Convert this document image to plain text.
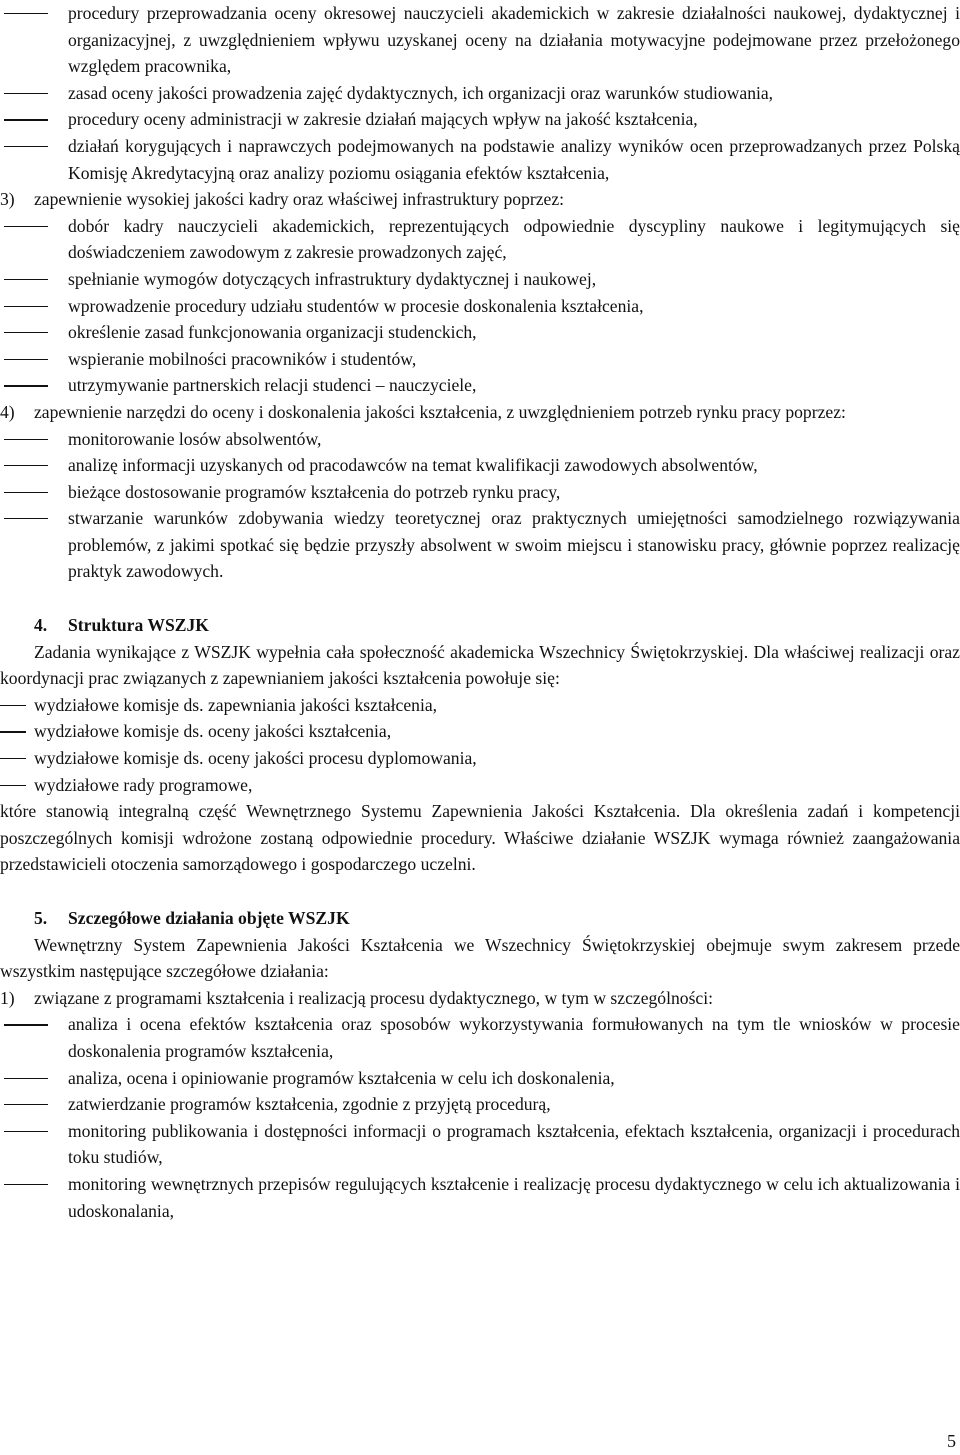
procedury przeprowadzania oceny okresowej nauczycieli akademickich w zakresie działalności naukowej, dydaktycznej i organizacyjnej, z uwzględnieniem wpływu uzyskanej oceny na działania motywacyjne podejmowane przez przełożonego względem pracownika,
zasad oceny jakości prowadzenia zajęć dydaktycznych, ich organizacji oraz warunków studiowania,
procedury oceny administracji w zakresie działań mających wpływ na jakość kształcenia,
działań korygujących i naprawczych podejmowanych na podstawie analizy wyników ocen przeprowadzanych przez Polską Komisję Akredytacyjną oraz analizy poziomu osiągania efektów kształcenia,
3) zapewnienie wysokiej jakości kadry oraz właściwej infrastruktury poprzez:
dobór kadry nauczycieli akademickich, reprezentujących odpowiednie dyscypliny naukowe i legitymujących się doświadczeniem zawodowym z zakresie prowadzonych zajęć,
spełnianie wymogów dotyczących infrastruktury dydaktycznej i naukowej,
wprowadzenie procedury udziału studentów w procesie doskonalenia kształcenia,
określenie zasad funkcjonowania organizacji studenckich,
wspieranie mobilności pracowników i studentów,
utrzymywanie partnerskich relacji studenci – nauczyciele,
4) zapewnienie narzędzi do oceny i doskonalenia jakości kształcenia, z uwzględnieniem potrzeb rynku pracy poprzez:
monitorowanie losów absolwentów,
analizę informacji uzyskanych od pracodawców na temat kwalifikacji zawodowych absolwentów,
bieżące dostosowanie programów kształcenia do potrzeb rynku pracy,
stwarzanie warunków zdobywania wiedzy teoretycznej oraz praktycznych umiejętności samodzielnego rozwiązywania problemów, z jakimi spotkać się będzie przyszły absolwent w swoim miejscu i stanowisku pracy, głównie poprzez realizację praktyk zawodowych.
4. Struktura WSZJK
Zadania wynikające z WSZJK wypełnia cała społeczność akademicka Wszechnicy Świętokrzyskiej. Dla właściwej realizacji oraz koordynacji prac związanych z zapewnianiem jakości kształcenia powołuje się:
wydziałowe komisje ds. zapewniania jakości kształcenia,
wydziałowe komisje ds. oceny jakości kształcenia,
wydziałowe komisje ds. oceny jakości procesu dyplomowania,
wydziałowe rady programowe,
które stanowią integralną część Wewnętrznego Systemu Zapewnienia Jakości Kształcenia. Dla określenia zadań i kompetencji poszczególnych komisji wdrożone zostaną odpowiednie procedury. Właściwe działanie WSZJK wymaga również zaangażowania przedstawicieli otoczenia samorządowego i gospodarczego uczelni.
5. Szczegółowe działania objęte WSZJK
Wewnętrzny System Zapewnienia Jakości Kształcenia we Wszechnicy Świętokrzyskiej obejmuje swym zakresem przede wszystkim następujące szczegółowe działania:
1) związane z programami kształcenia i realizacją procesu dydaktycznego, w tym w szczególności:
analiza i ocena efektów kształcenia oraz sposobów wykorzystywania formułowanych na tym tle wniosków w procesie doskonalenia programów kształcenia,
analiza, ocena i opiniowanie programów kształcenia w celu ich doskonalenia,
zatwierdzanie programów kształcenia, zgodnie z przyjętą procedurą,
monitoring publikowania i dostępności informacji o programach kształcenia, efektach kształcenia, organizacji i procedurach toku studiów,
monitoring wewnętrznych przepisów regulujących kształcenie i realizację procesu dydaktycznego w celu ich aktualizowania i udoskonalania,
5
